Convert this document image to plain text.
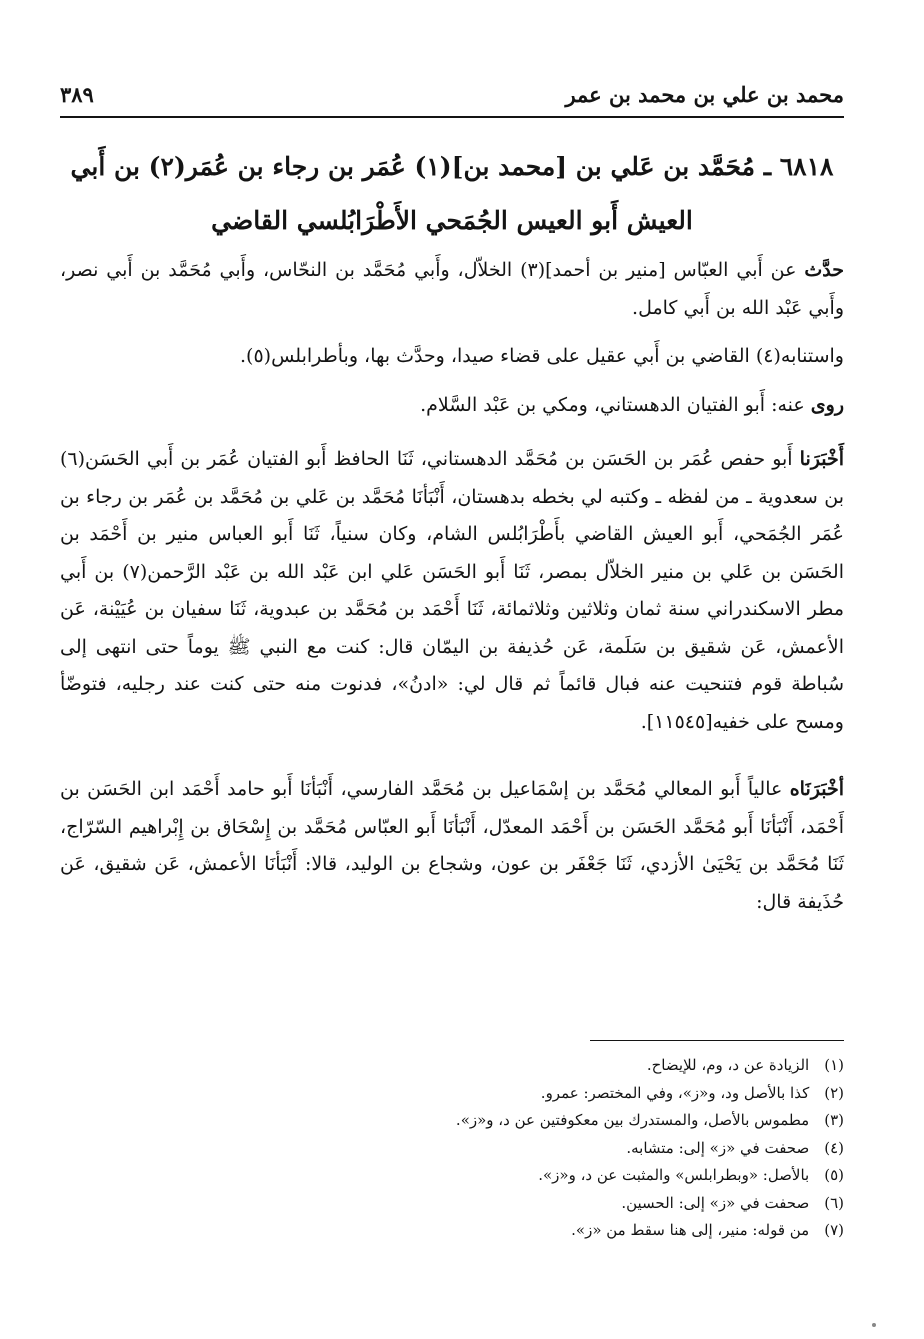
محمد بن علي بن محمد بن عمر
٣٨٩
٦٨١٨ ـ مُحَمَّد بن عَلي بن [محمد بن](١) عُمَر بن رجاء بن عُمَر(٢) بن أَبي العيش أَبو العيس الجُمَحي الأَطْرَابُلسي القاضي

حدَّث عن أَبي العبّاس [منير بن أحمد](٣) الخلاّل، وأَبي مُحَمَّد بن النحّاس، وأَبي مُحَمَّد بن أَبي نصر، وأَبي عَبْد الله بن أَبي كامل.

واستنابه(٤) القاضي بن أَبي عقيل على قضاء صيدا، وحدَّث بها، وبأطرابلس(٥).

روى عنه: أَبو الفتيان الدهستاني، ومكي بن عَبْد السَّلام.

أَخْبَرَنا أَبو حفص عُمَر بن الحَسَن بن مُحَمَّد الدهستاني، ثَنَا الحافظ أَبو الفتيان عُمَر بن أَبي الحَسَن(٦) بن سعدوية ـ من لفظه ـ وكتبه لي بخطه بدهستان، أَنْبَأنَا مُحَمَّد بن عَلي بن مُحَمَّد بن عُمَر بن رجاء بن عُمَر الجُمَحي، أَبو العيش القاضي بأَطْرَابُلس الشام، وكان سنياً، ثَنَا أَبو العباس منير بن أَحْمَد بن الحَسَن بن عَلي بن منير الخلاّل بمصر، ثَنَا أَبو الحَسَن عَلي ابن عَبْد الله بن عَبْد الرَّحمن(٧) بن أَبي مطر الاسكندراني سنة ثمان وثلاثين وثلاثمائة، ثَنَا أَحْمَد بن مُحَمَّد بن عبدوية، ثَنَا سفيان بن عُيَيْنة، عَن الأعمش، عَن شقيق بن سَلَمة، عَن حُذيفة بن اليمّان قال: كنت مع النبي ﷺ يوماً حتى انتهى إلى سُباطة قوم فتنحيت عنه فبال قائماً ثم قال لي: «ادنُ»، فدنوت منه حتى كنت عند رجليه، فتوضّأ ومسح على خفيه[١١٥٤٥].

أخْبَرَنَاه عالياً أَبو المعالي مُحَمَّد بن إسْمَاعيل بن مُحَمَّد الفارسي، أَنْبَأنَا أَبو حامد أَحْمَد ابن الحَسَن بن أَحْمَد، أَنْبَأنَا أَبو مُحَمَّد الحَسَن بن أَحْمَد المعدّل، أَنْبَأنَا أَبو العبّاس مُحَمَّد بن إِسْحَاق بن إِبْراهيم السّرّاج، ثَنَا مُحَمَّد بن يَحْيَىٰ الأزدي، ثَنَا جَعْفَر بن عون، وشجاع بن الوليد، قالا: أَنْبَأنَا الأعمش، عَن شقيق، عَن حُذَيفة قال:

(١) الزيادة عن د، وم، للإيضاح.
(٢) كذا بالأصل ود، و«ز»، وفي المختصر: عمرو.
(٣) مطموس بالأصل، والمستدرك بين معكوفتين عن د، و«ز».
(٤) صحفت في «ز» إلى: متشابه.
(٥) بالأصل: «وبطرابلس» والمثبت عن د، و«ز».
(٦) صحفت في «ز» إلى: الحسين.
(٧) من قوله: منير، إلى هنا سقط من «ز».
